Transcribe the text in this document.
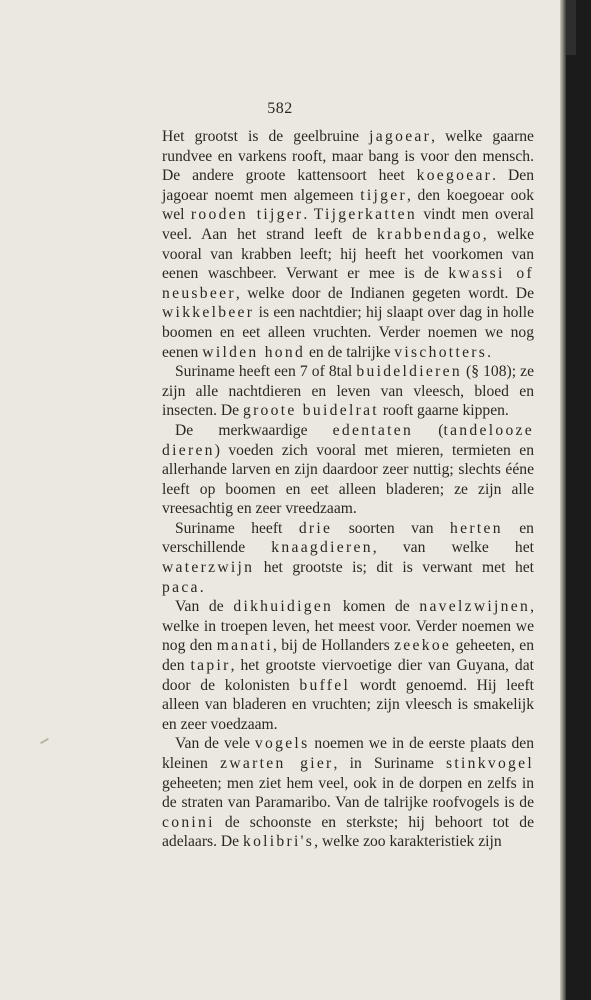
582

Het grootst is de geelbruine jagoear, welke gaarne rundvee en varkens rooft, maar bang is voor den mensch. De andere groote kattensoort heet koegoear. Den jagoear noemt men algemeen tijger, den koegoear ook wel rooden tijger. Tijgerkatten vindt men overal veel. Aan het strand leeft de krabbendago, welke vooral van krabben leeft; hij heeft het voorkomen van eenen waschbeer. Verwant er mee is de kwassi of neusbeer, welke door de Indianen gegeten wordt. De wikkelbeer is een nachtdier; hij slaapt over dag in holle boomen en eet alleen vruchten. Verder noemen we nog eenen wilden hond en de talrijke vischotters.

Suriname heeft een 7 of 8tal buideldieren (§ 108); ze zijn alle nachtdieren en leven van vleesch, bloed en insecten. De groote buidelrat rooft gaarne kippen.

De merkwaardige edentaten (tandelooze dieren) voeden zich vooral met mieren, termieten en allerhande larven en zijn daardoor zeer nuttig; slechts ééne leeft op boomen en eet alleen bladeren; ze zijn alle vreesachtig en zeer vreedzaam.

Suriname heeft drie soorten van herten en verschillende knaagdieren, van welke het waterzwijn het grootste is; dit is verwant met het paca.

Van de dikhuidigen komen de navelzwijnen, welke in troepen leven, het meest voor. Verder noemen we nog den manati, bij de Hollanders zeekoe geheeten, en den tapir, het grootste viervoetige dier van Guyana, dat door de kolonisten buffel wordt genoemd. Hij leeft alleen van bladeren en vruchten; zijn vleesch is smakelijk en zeer voedzaam.

Van de vele vogels noemen we in de eerste plaats den kleinen zwarten gier, in Suriname stinkvogel geheeten; men ziet hem veel, ook in de dorpen en zelfs in de straten van Paramaribo. Van de talrijke roofvogels is de conini de schoonste en sterkste; hij behoort tot de adelaars. De kolibri's, welke zoo karakteristiek zijn
